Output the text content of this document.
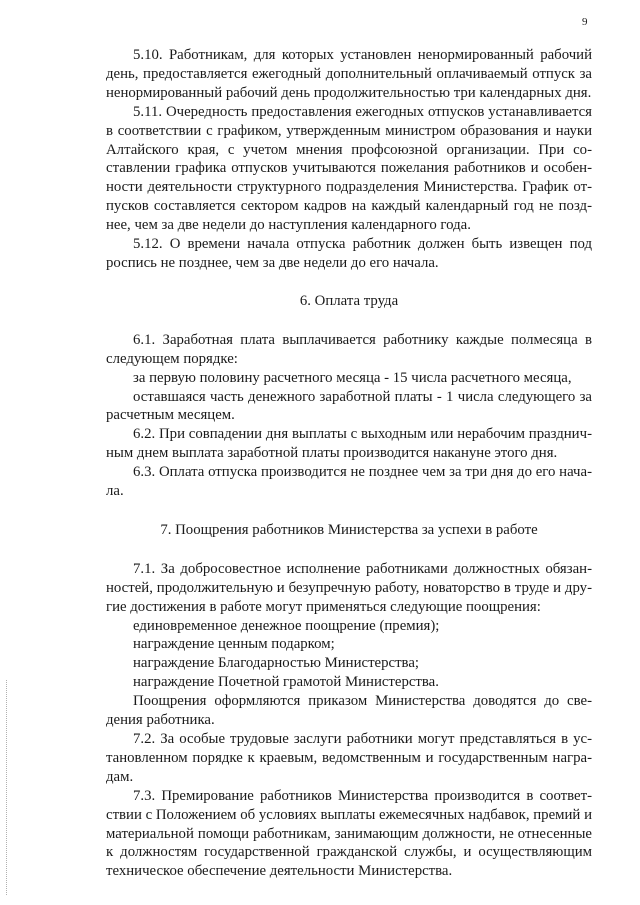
9

5.10. Работникам, для которых установлен ненормированный рабочий день, предоставляется ежегодный дополнительный оплачиваемый отпуск за ненормированный рабочий день продолжительностью три календарных дня.

5.11. Очередность предоставления ежегодных отпусков устанавливается в соответствии с графиком, утвержденным министром образования и науки Алтайского края, с учетом мнения профсоюзной организации. При составлении графика отпусков учитываются пожелания работников и особенности деятельности структурного подразделения Министерства. График отпусков составляется сектором кадров на каждый календарный год не позднее, чем за две недели до наступления календарного года.

5.12. О времени начала отпуска работник должен быть извещен под роспись не позднее, чем за две недели до его начала.

6. Оплата труда

6.1. Заработная плата выплачивается работнику каждые полмесяца в следующем порядке:

за первую половину расчетного месяца - 15 числа расчетного месяца,

оставшаяся часть денежного заработной платы - 1 числа следующего за расчетным месяцем.

6.2. При совпадении дня выплаты с выходным или нерабочим праздничным днем выплата заработной платы производится накануне этого дня.

6.3. Оплата отпуска производится не позднее чем за три дня до его начала.

7. Поощрения работников Министерства за успехи в работе

7.1. За добросовестное исполнение работниками должностных обязанностей, продолжительную и безупречную работу, новаторство в труде и другие достижения в работе могут применяться следующие поощрения:

единовременное денежное поощрение (премия);
награждение ценным подарком;
награждение Благодарностью Министерства;
награждение Почетной грамотой Министерства.

Поощрения оформляются приказом Министерства доводятся до сведения работника.

7.2. За особые трудовые заслуги работники могут представляться в установленном порядке к краевым, ведомственным и государственным наградам.

7.3. Премирование работников Министерства производится в соответствии с Положением об условиях выплаты ежемесячных надбавок, премий и материальной помощи работникам, занимающим должности, не отнесенные к должностям государственной гражданской службы, и осуществляющим техническое обеспечение деятельности Министерства.
